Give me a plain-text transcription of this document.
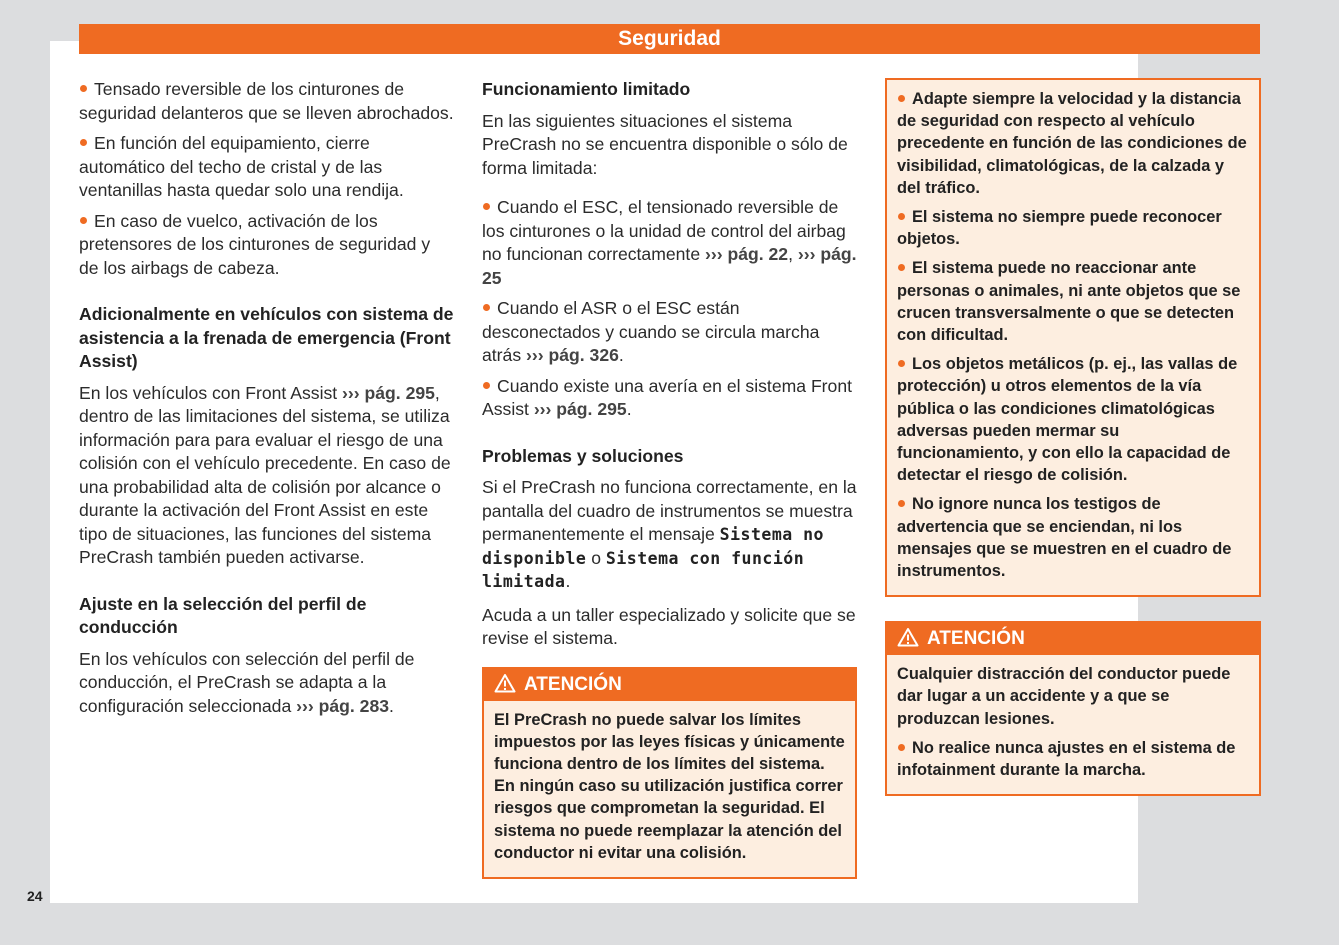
Seguridad

Tensado reversible de los cinturones de seguridad delanteros que se lleven abrochados.

En función del equipamiento, cierre automático del techo de cristal y de las ventanillas hasta quedar solo una rendija.

En caso de vuelco, activación de los pretensores de los cinturones de seguridad y de los airbags de cabeza.

Adicionalmente en vehículos con sistema de asistencia a la frenada de emergencia (Front Assist)

En los vehículos con Front Assist ››› pág. 295, dentro de las limitaciones del sistema, se utiliza información para para evaluar el riesgo de una colisión con el vehículo precedente. En caso de una probabilidad alta de colisión por alcance o durante la activación del Front Assist en este tipo de situaciones, las funciones del sistema PreCrash también pueden activarse.

Ajuste en la selección del perfil de conducción

En los vehículos con selección del perfil de conducción, el PreCrash se adapta a la configuración seleccionada ››› pág. 283.

Funcionamiento limitado

En las siguientes situaciones el sistema PreCrash no se encuentra disponible o sólo de forma limitada:

Cuando el ESC, el tensionado reversible de los cinturones o la unidad de control del airbag no funcionan correctamente ››› pág. 22, ››› pág. 25

Cuando el ASR o el ESC están desconectados y cuando se circula marcha atrás ››› pág. 326.

Cuando existe una avería en el sistema Front Assist ››› pág. 295.

Problemas y soluciones

Si el PreCrash no funciona correctamente, en la pantalla del cuadro de instrumentos se muestra permanentemente el mensaje Sistema no disponible o Sistema con función limitada.

Acuda a un taller especializado y solicite que se revise el sistema.

ATENCIÓN

El PreCrash no puede salvar los límites impuestos por las leyes físicas y únicamente funciona dentro de los límites del sistema. En ningún caso su utilización justifica correr riesgos que comprometan la seguridad. El sistema no puede reemplazar la atención del conductor ni evitar una colisión.

Adapte siempre la velocidad y la distancia de seguridad con respecto al vehículo precedente en función de las condiciones de visibilidad, climatológicas, de la calzada y del tráfico.

El sistema no siempre puede reconocer objetos.

El sistema puede no reaccionar ante personas o animales, ni ante objetos que se crucen transversalmente o que se detecten con dificultad.

Los objetos metálicos (p. ej., las vallas de protección) u otros elementos de la vía pública o las condiciones climatológicas adversas pueden mermar su funcionamiento, y con ello la capacidad de detectar el riesgo de colisión.

No ignore nunca los testigos de advertencia que se enciendan, ni los mensajes que se muestren en el cuadro de instrumentos.

ATENCIÓN

Cualquier distracción del conductor puede dar lugar a un accidente y a que se produzcan lesiones.

No realice nunca ajustes en el sistema de infotainment durante la marcha.

24
